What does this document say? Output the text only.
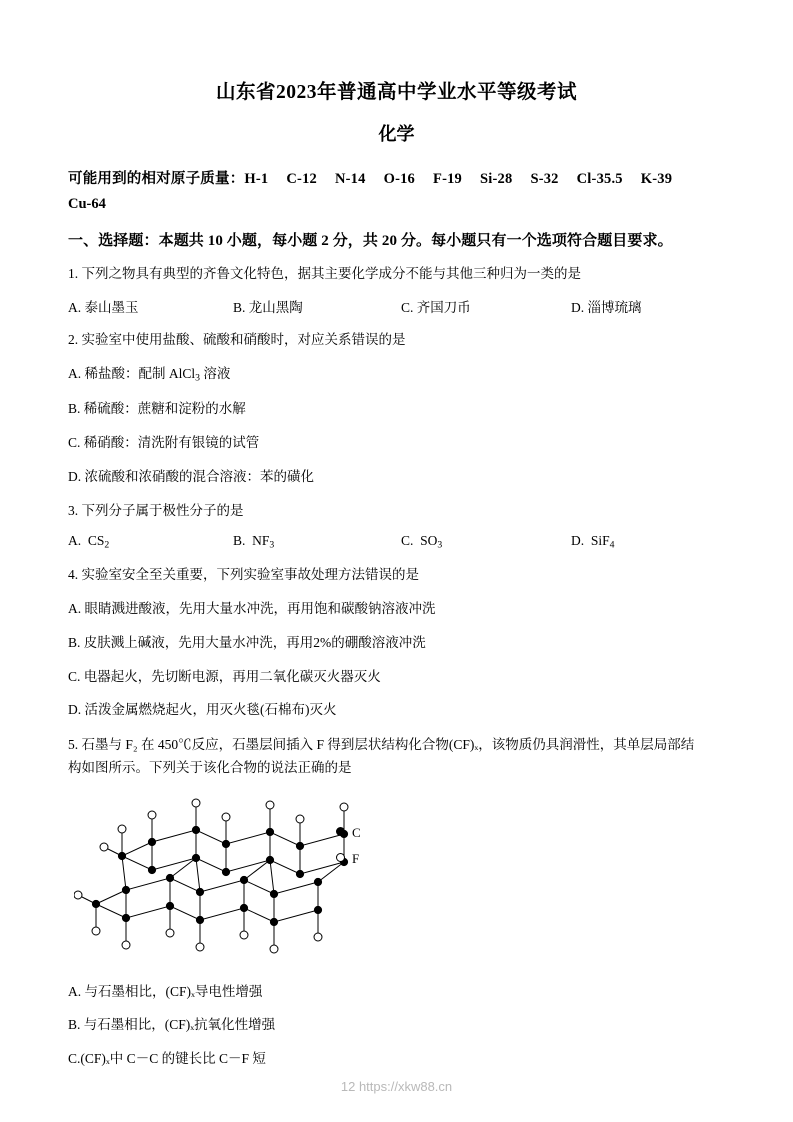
山东省2023年普通高中学业水平等级考试
化学
可能用到的相对原子质量：H-1 C-12 N-14 O-16 F-19 Si-28 S-32 Cl-35.5 K-39
Cu-64
一、选择题：本题共 10 小题，每小题 2 分，共 20 分。每小题只有一个选项符合题目要求。
1. 下列之物具有典型的齐鲁文化特色，据其主要化学成分不能与其他三种归为一类的是
A. 泰山墨玉	B. 龙山黑陶	C. 齐国刀币	D. 淄博琉璃
2. 实验室中使用盐酸、硫酸和硝酸时，对应关系错误的是
A. 稀盐酸：配制 AlCl$_3$ 溶液
B. 稀硫酸：蔗糖和淀粉的水解
C. 稀硝酸：清洗附有银镜的试管
D. 浓硫酸和浓硝酸的混合溶液：苯的磺化
3. 下列分子属于极性分子的是
A.  $CS_2$	B.  $NF_3$	C.  $SO_3$	D.  SiF$_4$
4. 实验室安全至关重要，下列实验室事故处理方法错误的是
A. 眼睛溅进酸液，先用大量水冲洗，再用饱和碳酸钠溶液冲洗
B. 皮肤溅上碱液，先用大量水冲洗，再用2%的硼酸溶液冲洗
C. 电器起火，先切断电源，再用二氧化碳灭火器灭火
D. 活泼金属燃烧起火，用灭火毯(石棉布)灭火
5. 石墨与 F₂ 在 450℃反应，石墨层间插入 F 得到层状结构化合物(CF)ₓ，该物质仍具润滑性，其单层局部结
构如图所示。下列关于该化合物的说法正确的是
C
F
A. 与石墨相比，(CF)ₓ导电性增强
B. 与石墨相比，(CF)ₓ抗氧化性增强
C.(CF)ₓ中 C－C 的键长比 C－F 短
12 https://xkw88.cn
